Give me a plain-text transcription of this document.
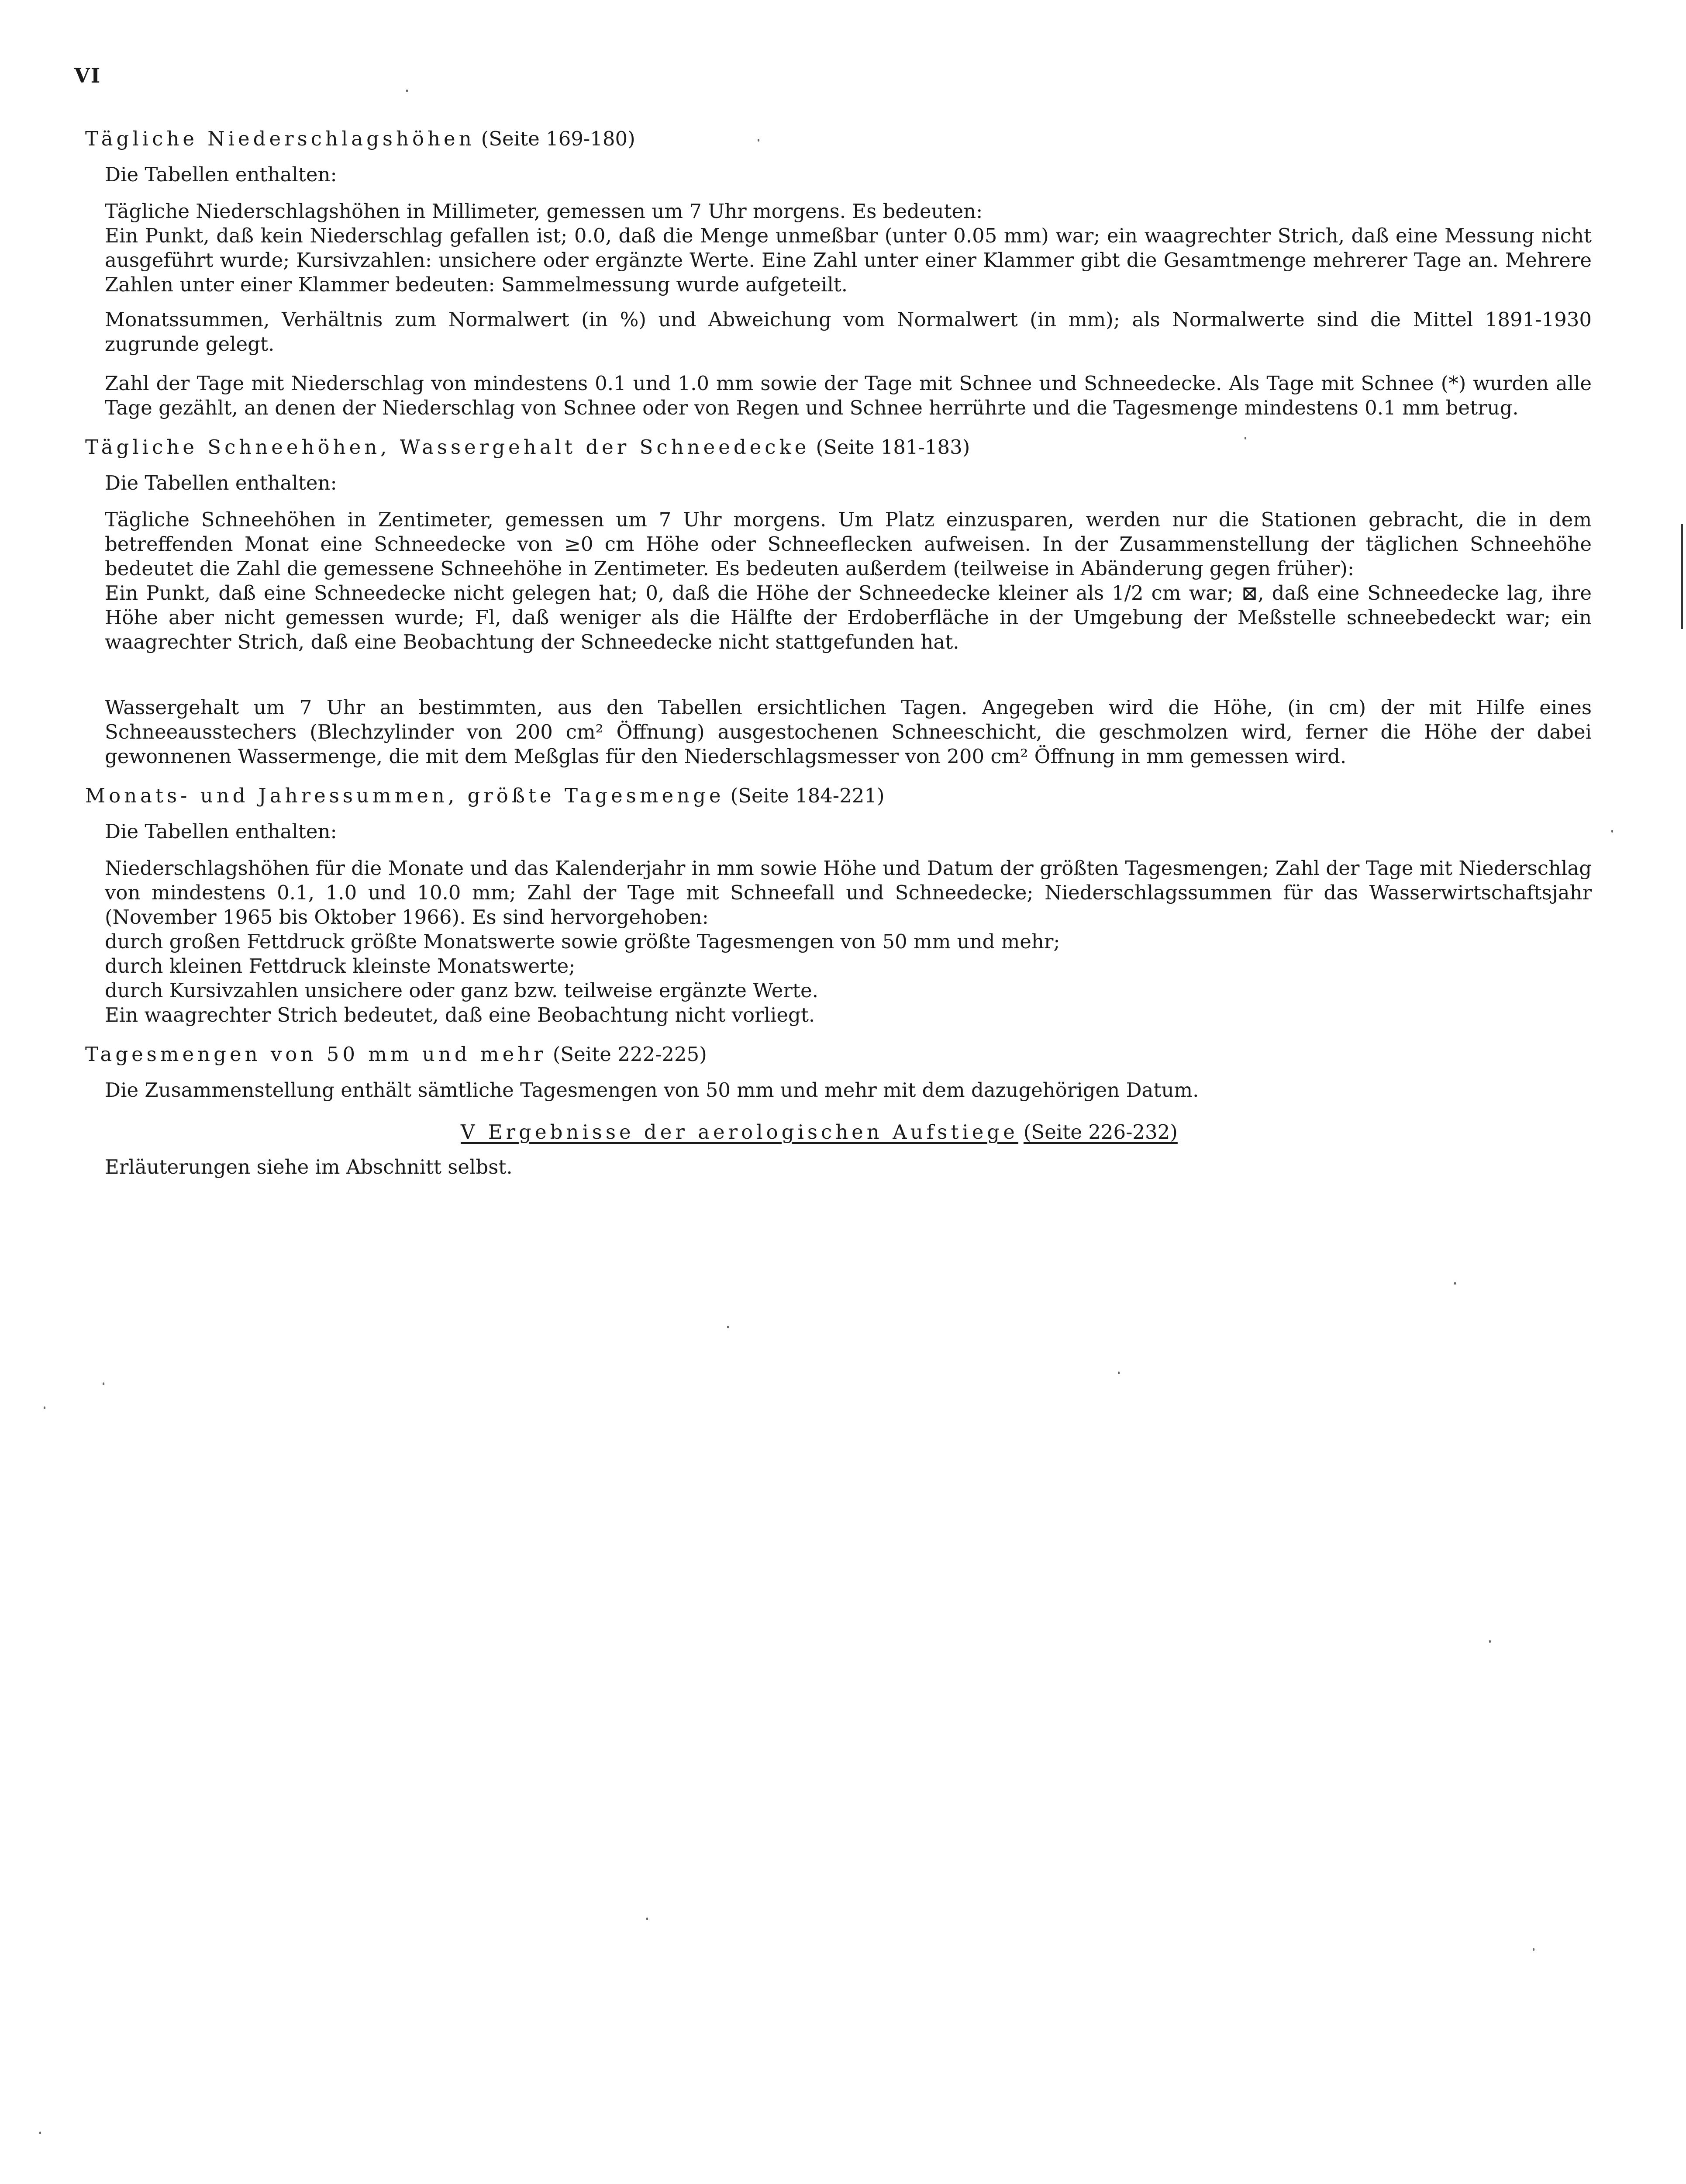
VI
Tägliche Niederschlagshöhen (Seite 169-180)
Die Tabellen enthalten:
Tägliche Niederschlagshöhen in Millimeter, gemessen um 7 Uhr morgens. Es bedeuten:
Ein Punkt, daß kein Niederschlag gefallen ist; 0.0, daß die Menge unmeßbar (unter 0.05 mm) war; ein waagrechter Strich, daß eine Messung nicht ausgeführt wurde; Kursivzahlen: unsichere oder ergänzte Werte. Eine Zahl unter einer Klammer gibt die Gesamtmenge mehrerer Tage an. Mehrere Zahlen unter einer Klammer bedeuten: Sammelmessung wurde aufgeteilt.
Monatssummen, Verhältnis zum Normalwert (in %) und Abweichung vom Normalwert (in mm); als Normalwerte sind die Mittel 1891-1930 zugrunde gelegt.
Zahl der Tage mit Niederschlag von mindestens 0.1 und 1.0 mm sowie der Tage mit Schnee und Schneedecke. Als Tage mit Schnee (*) wurden alle Tage gezählt, an denen der Niederschlag von Schnee oder von Regen und Schnee herrührte und die Tagesmenge mindestens 0.1 mm betrug.
Tägliche Schneehöhen, Wassergehalt der Schneedecke (Seite 181-183)
Die Tabellen enthalten:
Tägliche Schneehöhen in Zentimeter, gemessen um 7 Uhr morgens. Um Platz einzusparen, werden nur die Stationen gebracht, die in dem betreffenden Monat eine Schneedecke von ≥0 cm Höhe oder Schneeflecken aufweisen. In der Zusammenstellung der täglichen Schneehöhe bedeutet die Zahl die gemessene Schneehöhe in Zentimeter. Es bedeuten außerdem (teilweise in Abänderung gegen früher):
Ein Punkt, daß eine Schneedecke nicht gelegen hat; 0, daß die Höhe der Schneedecke kleiner als 1/2 cm war; ⊠, daß eine Schneedecke lag, ihre Höhe aber nicht gemessen wurde; Fl, daß weniger als die Hälfte der Erdoberfläche in der Umgebung der Meßstelle schneebedeckt war; ein waagrechter Strich, daß eine Beobachtung der Schneedecke nicht stattgefunden hat.
Wassergehalt um 7 Uhr an bestimmten, aus den Tabellen ersichtlichen Tagen. Angegeben wird die Höhe, (in cm) der mit Hilfe eines Schneeausstechers (Blechzylinder von 200 cm² Öffnung) ausgestochenen Schneeschicht, die geschmolzen wird, ferner die Höhe der dabei gewonnenen Wassermenge, die mit dem Meßglas für den Niederschlagsmesser von 200 cm² Öffnung in mm gemessen wird.
Monats- und Jahressummen, größte Tagesmenge (Seite 184-221)
Die Tabellen enthalten:
Niederschlagshöhen für die Monate und das Kalenderjahr in mm sowie Höhe und Datum der größten Tagesmengen; Zahl der Tage mit Niederschlag von mindestens 0.1, 1.0 und 10.0 mm; Zahl der Tage mit Schneefall und Schneedecke; Niederschlagssummen für das Wasserwirtschaftsjahr (November 1965 bis Oktober 1966). Es sind hervorgehoben:
durch großen Fettdruck größte Monatswerte sowie größte Tagesmengen von 50 mm und mehr;
durch kleinen Fettdruck kleinste Monatswerte;
durch Kursivzahlen unsichere oder ganz bzw. teilweise ergänzte Werte.
Ein waagrechter Strich bedeutet, daß eine Beobachtung nicht vorliegt.
Tagesmengen von 50 mm und mehr (Seite 222-225)
Die Zusammenstellung enthält sämtliche Tagesmengen von 50 mm und mehr mit dem dazugehörigen Datum.
V Ergebnisse der aerologischen Aufstiege (Seite 226-232)
Erläuterungen siehe im Abschnitt selbst.
